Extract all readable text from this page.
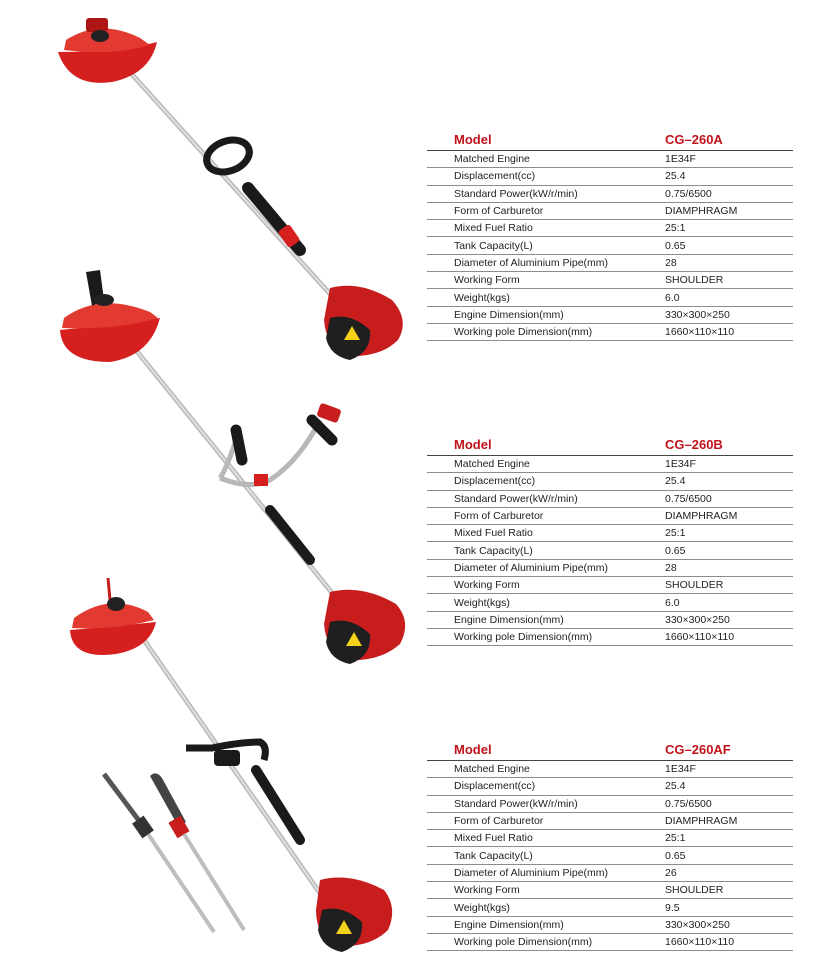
Model	CG–260A
Matched Engine	1E34F
Displacement(cc)	25.4
Standard Power(kW/r/min)	0.75/6500
Form of Carburetor	DIAMPHRAGM
Mixed Fuel Ratio	25:1
Tank Capacity(L)	0.65
Diameter of Aluminium Pipe(mm)	28
Working Form	SHOULDER
Weight(kgs)	6.0
Engine Dimension(mm)	330×300×250
Working pole Dimension(mm)	1660×110×110
Model	CG–260B
Matched Engine	1E34F
Displacement(cc)	25.4
Standard Power(kW/r/min)	0.75/6500
Form of Carburetor	DIAMPHRAGM
Mixed Fuel Ratio	25:1
Tank Capacity(L)	0.65
Diameter of Aluminium Pipe(mm)	28
Working Form	SHOULDER
Weight(kgs)	6.0
Engine Dimension(mm)	330×300×250
Working pole Dimension(mm)	1660×110×110
Model	CG–260AF
Matched Engine	1E34F
Displacement(cc)	25.4
Standard Power(kW/r/min)	0.75/6500
Form of Carburetor	DIAMPHRAGM
Mixed Fuel Ratio	25:1
Tank Capacity(L)	0.65
Diameter of Aluminium Pipe(mm)	26
Working Form	SHOULDER
Weight(kgs)	9.5
Engine Dimension(mm)	330×300×250
Working pole Dimension(mm)	1660×110×110
